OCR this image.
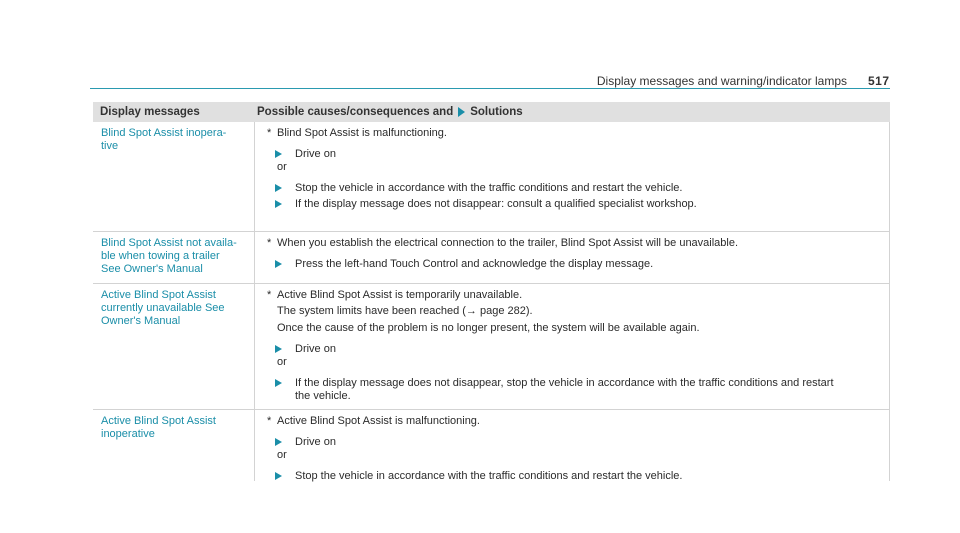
Display messages and warning/indicator lamps 517
Display messages	Possible causes/consequences and Solutions
Blind Spot Assist inopera-
tive
* Blind Spot Assist is malfunctioning.
Drive on
or
Stop the vehicle in accordance with the traffic conditions and restart the vehicle.
If the display message does not disappear: consult a qualified specialist workshop.
Blind Spot Assist not availa-
ble when towing a trailer
See Owner's Manual
* When you establish the electrical connection to the trailer, Blind Spot Assist will be unavailable.
Press the left-hand Touch Control and acknowledge the display message.
Active Blind Spot Assist
currently unavailable See
Owner's Manual
* Active Blind Spot Assist is temporarily unavailable.
The system limits have been reached (→ page 282).
Once the cause of the problem is no longer present, the system will be available again.
Drive on
or
If the display message does not disappear, stop the vehicle in accordance with the traffic conditions and restart
the vehicle.
Active Blind Spot Assist
inoperative
* Active Blind Spot Assist is malfunctioning.
Drive on
or
Stop the vehicle in accordance with the traffic conditions and restart the vehicle.
